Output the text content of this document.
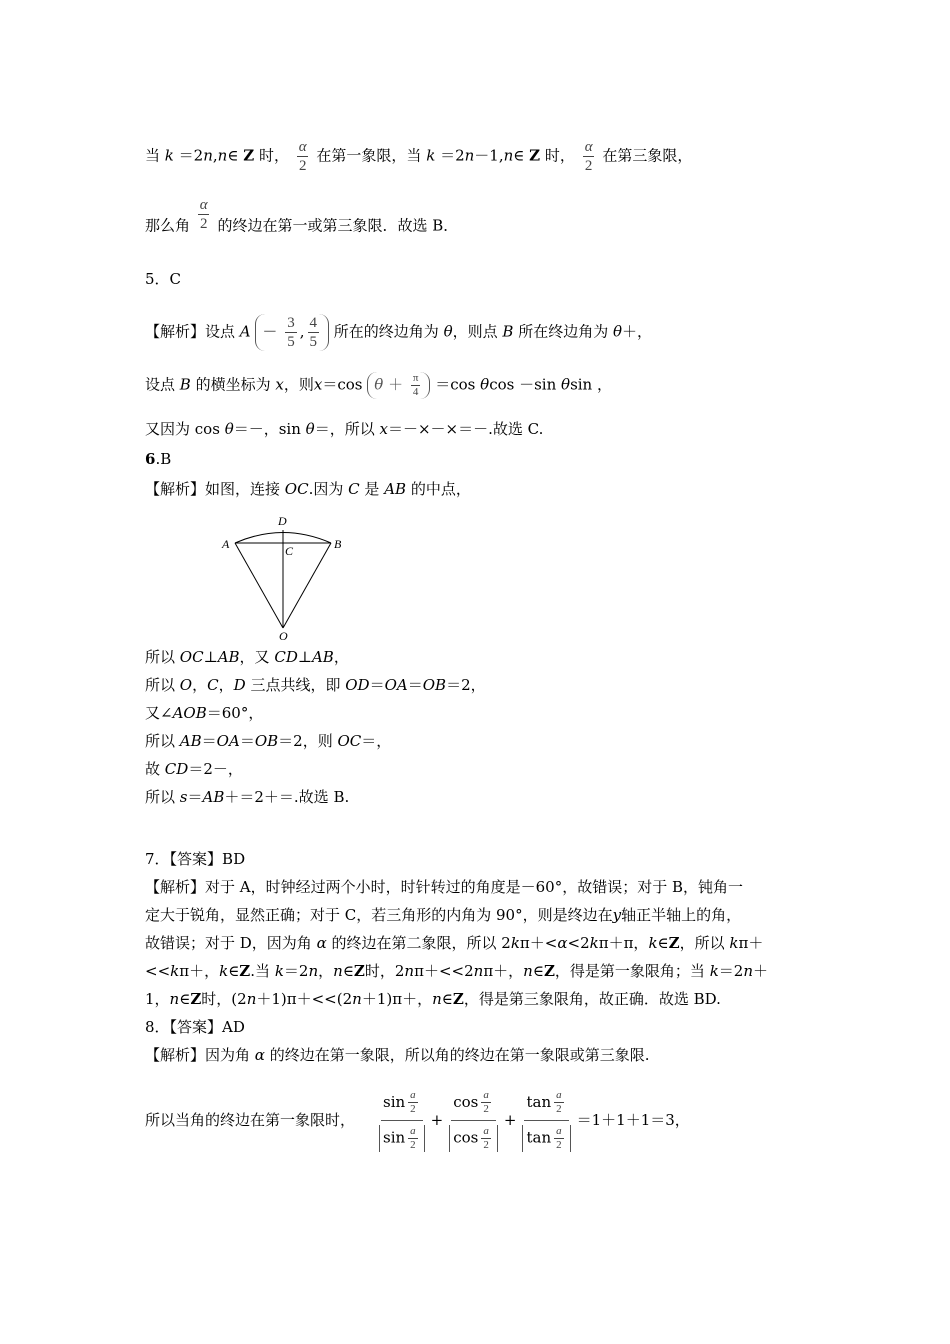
当 k ＝2n,n∈ Z 时， $\frac{\alpha}{2}$ 在第一象限，当 k ＝2n－1,n∈ Z 时， $\frac{\alpha}{2}$ 在第三象限，
那么角 $\frac{\alpha}{2}$ 的终边在第一或第三象限．故选 B．
5．C
【解析】设点 $A - \frac{3}{5}$ , $\frac{4}{5}$ 所在的终边角为 θ，则点 B 所在终边角为 θ＋，
设点 B 的横坐标为 x，则x＝cos $\theta + \frac{\pi}{4} =\cos$ θcos －sin θsin ，
又因为 cos θ＝－，sin θ＝，所以 x＝－×－×＝－.故选 C.
6.B
【解析】如图，连接 OC.因为 C 是 AB 的中点，
A	B
C
D
O
所以 OC⊥AB，又 CD⊥AB，
所以 O，C，D 三点共线，即 OD＝OA＝OB＝2，
又∠AOB＝60°，
所以 AB＝OA＝OB＝2，则 OC＝，
故 CD＝2－，
所以 s＝AB＋＝2＋＝.故选 B.
7．【答案】BD
【解析】对于 A，时钟经过两个小时，时针转过的角度是－60°，故错误；对于 B，钝角一
定大于锐角，显然正确；对于 C，若三角形的内角为 90°，则是终边在y轴正半轴上的角，
故错误；对于 D，因为角 α 的终边在第二象限，所以 2kπ＋<α<2kπ＋π，k∈Z，所以 kπ＋
<<kπ＋，k∈Z.当 k＝2n，n∈Z时，2nπ＋<<2nπ＋，n∈Z，得是第一象限角；当 k＝2n＋
1，n∈Z时，(2n＋1)π＋<<(2n＋1)π＋，n∈Z，得是第三象限角，故正确．故选 BD.
8．【答案】AD
【解析】因为角 α 的终边在第一象限，所以角的终边在第一象限或第三象限.
所以当角的终边在第一象限时，
$\sin \frac{a}{2}$
$\sin \frac{a}{2}$
+ $\frac{\cos \frac{a}{2}}{\cos \frac{a}{2}} + \frac{\tan \frac{a}{2}}{\tan \frac{a}{2}} =1+1+1=3$，
